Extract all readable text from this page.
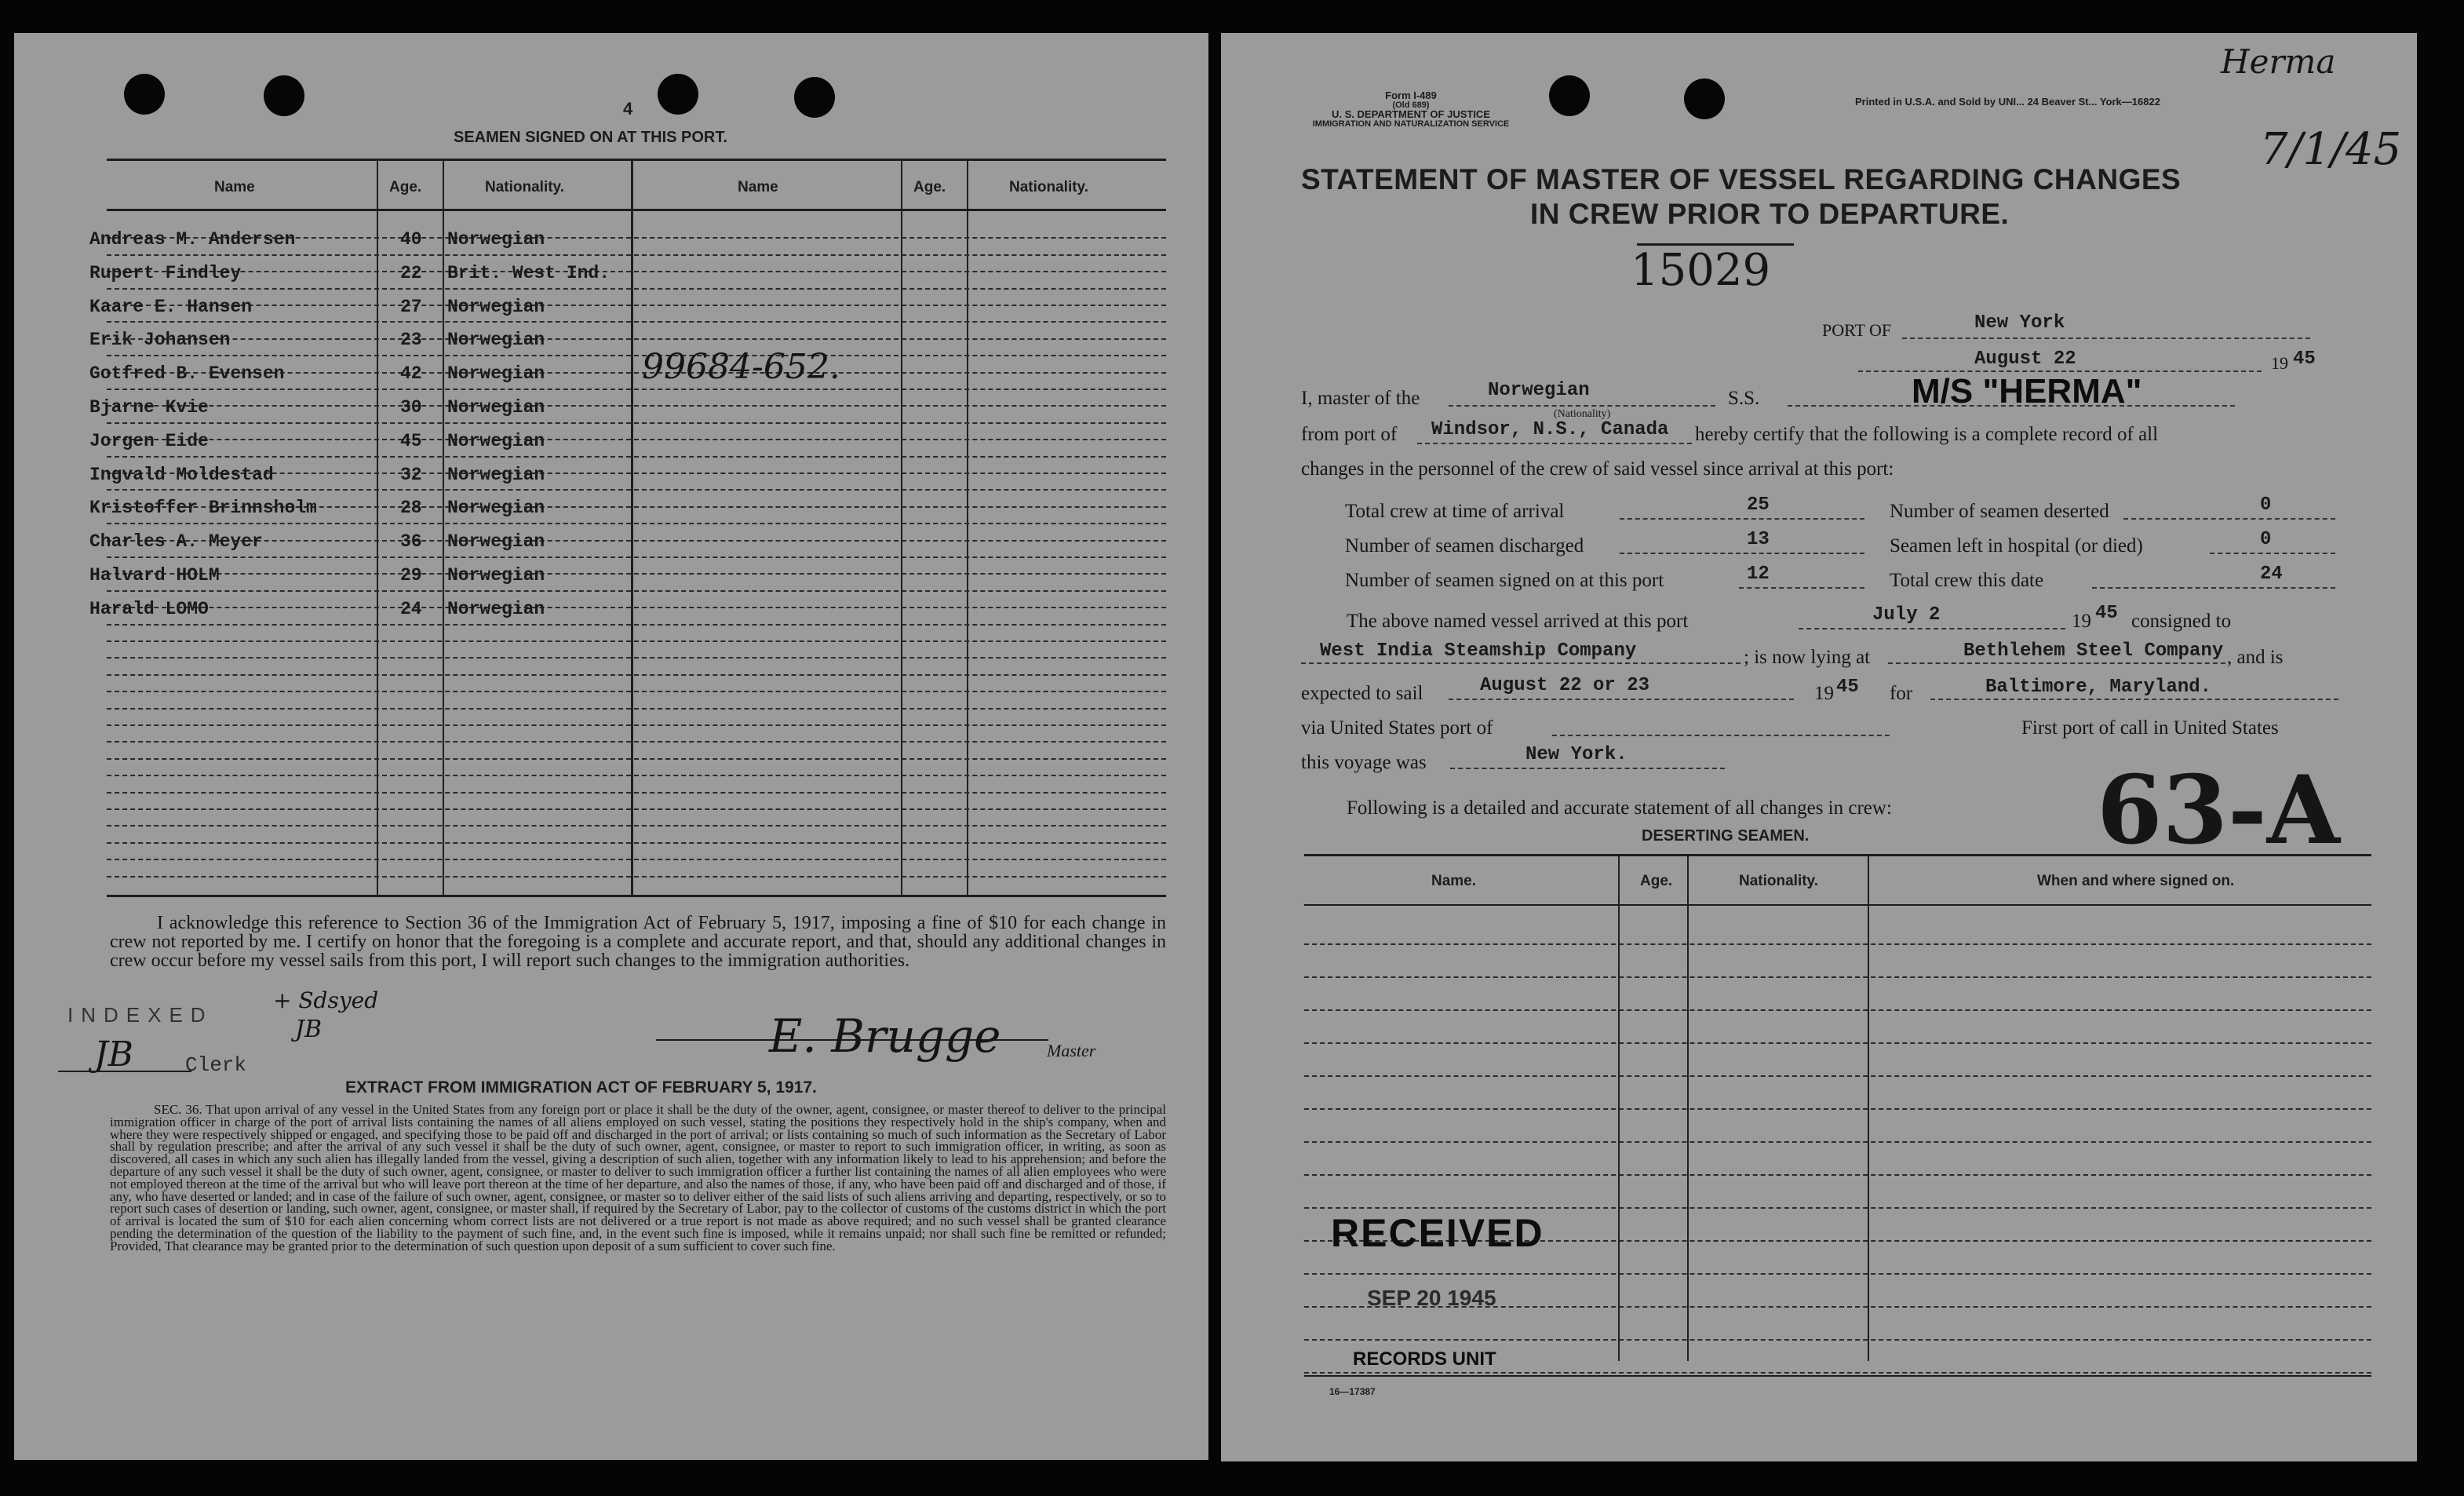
4
SEAMEN SIGNED ON AT THIS PORT.
Name	Age.	Nationality.	Name	Age.	Nationality.
Andreas M. Andersen	40 Norwegian
Rupert Findley	22 Brit. West Ind.
Kaare E. Hansen	27 Norwegian
Erik Johansen	23 Norwegian
Gotfred B. Evensen	42 Norwegian
Bjarne Kvie	30 Norwegian
Jorgen Eide	45 Norwegian
Ingvald Moldestad	32 Norwegian
Kristoffer Brinnsholm	28 Norwegian
Charles A. Meyer	36 Norwegian
Halvard HOLM	29 Norwegian
Harald LOMO	24 Norwegian
99684-652.
I acknowledge this reference to Section 36 of the Immigration Act of February 5, 1917, imposing a fine of $10 for each change in crew not reported by me. I certify on honor that the foregoing is a complete and accurate report, and that, should any additional changes in crew occur before my vessel sails from this port, I will report such changes to the immigration authorities.
INDEXED
+ Sdsyed
JB
JB	Clerk
E. Brugge	Master
EXTRACT FROM IMMIGRATION ACT OF FEBRUARY 5, 1917.
SEC. 36. That upon arrival of any vessel in the United States from any foreign port or place it shall be the duty of the owner, agent, consignee, or master thereof to deliver to the principal immigration officer in charge of the port of arrival lists containing the names of all aliens employed on such vessel, stating the positions they respectively hold in the ship's company, when and where they were respectively shipped or engaged, and specifying those to be paid off and discharged in the port of arrival; or lists containing so much of such information as the Secretary of Labor shall by regulation prescribe; and after the arrival of any such vessel it shall be the duty of such owner, agent, consignee, or master to report to such immigration officer, in writing, as soon as discovered, all cases in which any such alien has illegally landed from the vessel, giving a description of such alien, together with any information likely to lead to his apprehension; and before the departure of any such vessel it shall be the duty of such owner, agent, consignee, or master to deliver to such immigration officer a further list containing the names of all alien employees who were not employed thereon at the time of the arrival but who will leave port thereon at the time of her departure, and also the names of those, if any, who have been paid off and discharged and of those, if any, who have deserted or landed; and in case of the failure of such owner, agent, consignee, or master so to deliver either of the said lists of such aliens arriving and departing, respectively, or so to report such cases of desertion or landing, such owner, agent, consignee, or master shall, if required by the Secretary of Labor, pay to the collector of customs of the customs district in which the port of arrival is located the sum of $10 for each alien concerning whom correct lists are not delivered or a true report is not made as above required; and no such vessel shall be granted clearance pending the determination of the question of the liability to the payment of such fine, and, in the event such fine is imposed, while it remains unpaid; nor shall such fine be remitted or refunded; Provided, That clearance may be granted prior to the determination of such question upon deposit of a sum sufficient to cover such fine.
Form I-489
(Old 689)
U. S. DEPARTMENT OF JUSTICE
IMMIGRATION AND NATURALIZATION SERVICE
Printed in U.S.A. and Sold by UNI... 24 Beaver St... York—16822
Herma
7/1/45
STATEMENT OF MASTER OF VESSEL REGARDING CHANGES
IN CREW PRIOR TO DEPARTURE.
15029
PORT OF	New York
August 22	19 45
I, master of the	Norwegian
(Nationality)
S.S.	M/S "HERMA"
from port of Windsor, N.S., Canada hereby certify that the following is a complete record of all
changes in the personnel of the crew of said vessel since arrival at this port:
Total crew at time of arrival	25
Number of seamen discharged	13
Number of seamen signed on at this port	12
Number of seamen deserted	0
Seamen left in hospital (or died)	0
Total crew this date	24
The above named vessel arrived at this port	July 2	19 45 consigned to
West India Steamship Company	; is now lying at	Bethlehem Steel Company , and is
expected to sail	August 22 or 23	19 45 for	Baltimore, Maryland.
via United States port of	First port of call in United States
this voyage was	New York.
63-A
Following is a detailed and accurate statement of all changes in crew:
DESERTING SEAMEN.
Name.	Age.	Nationality.	When and where signed on.
RECEIVED
SEP 20 1945
RECORDS UNIT
16—17387
